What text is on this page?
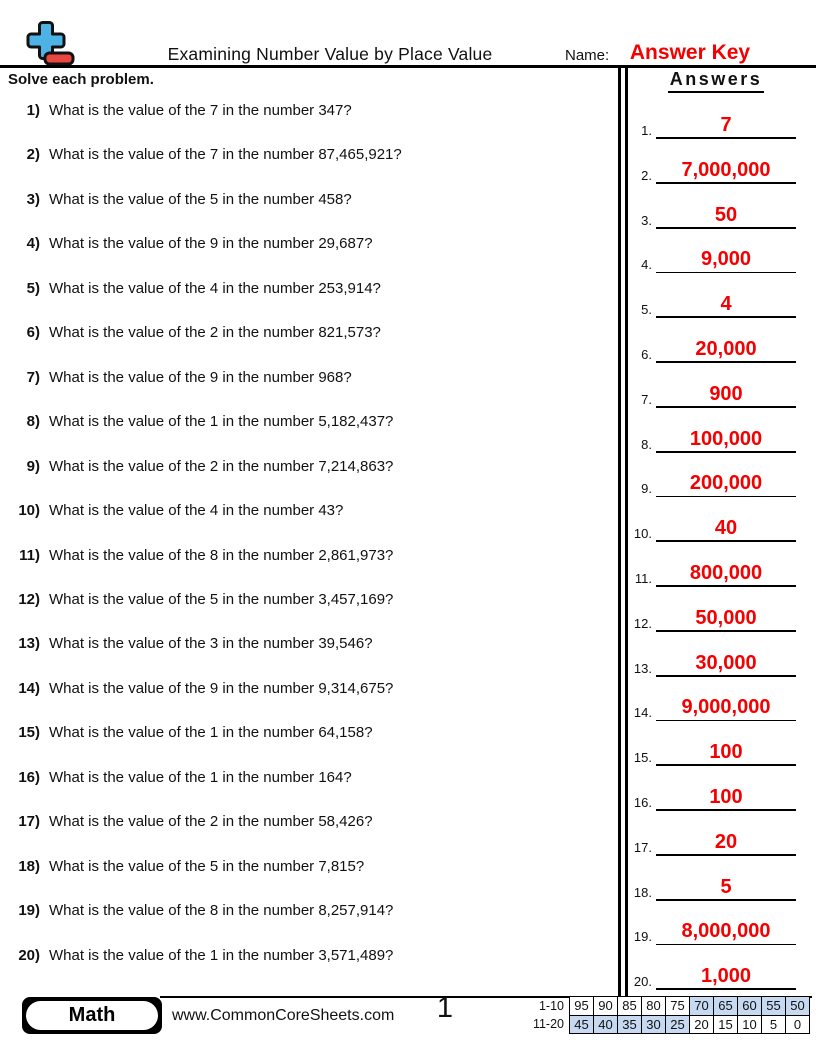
Examining Number Value by Place Value	Name: Answer Key
Solve each problem.
1) What is the value of the 7 in the number 347?
2) What is the value of the 7 in the number 87,465,921?
3) What is the value of the 5 in the number 458?
4) What is the value of the 9 in the number 29,687?
5) What is the value of the 4 in the number 253,914?
6) What is the value of the 2 in the number 821,573?
7) What is the value of the 9 in the number 968?
8) What is the value of the 1 in the number 5,182,437?
9) What is the value of the 2 in the number 7,214,863?
10) What is the value of the 4 in the number 43?
11) What is the value of the 8 in the number 2,861,973?
12) What is the value of the 5 in the number 3,457,169?
13) What is the value of the 3 in the number 39,546?
14) What is the value of the 9 in the number 9,314,675?
15) What is the value of the 1 in the number 64,158?
16) What is the value of the 1 in the number 164?
17) What is the value of the 2 in the number 58,426?
18) What is the value of the 5 in the number 7,815?
19) What is the value of the 8 in the number 8,257,914?
20) What is the value of the 1 in the number 3,571,489?
Answers
1.	7
2.	7,000,000
3.	50
4.	9,000
5.	4
6.	20,000
7.	900
8.	100,000
9.	200,000
10.	40
11.	800,000
12.	50,000
13.	30,000
14.	9,000,000
15.	100
16.	100
17.	20
18.	5
19.	8,000,000
20.	1,000
Math	www.CommonCoreSheets.com	1	1-10	95	90	85	80	75	70	65	60	55	50
11-20	45	40	35	30	25	20	15	10	5	0
